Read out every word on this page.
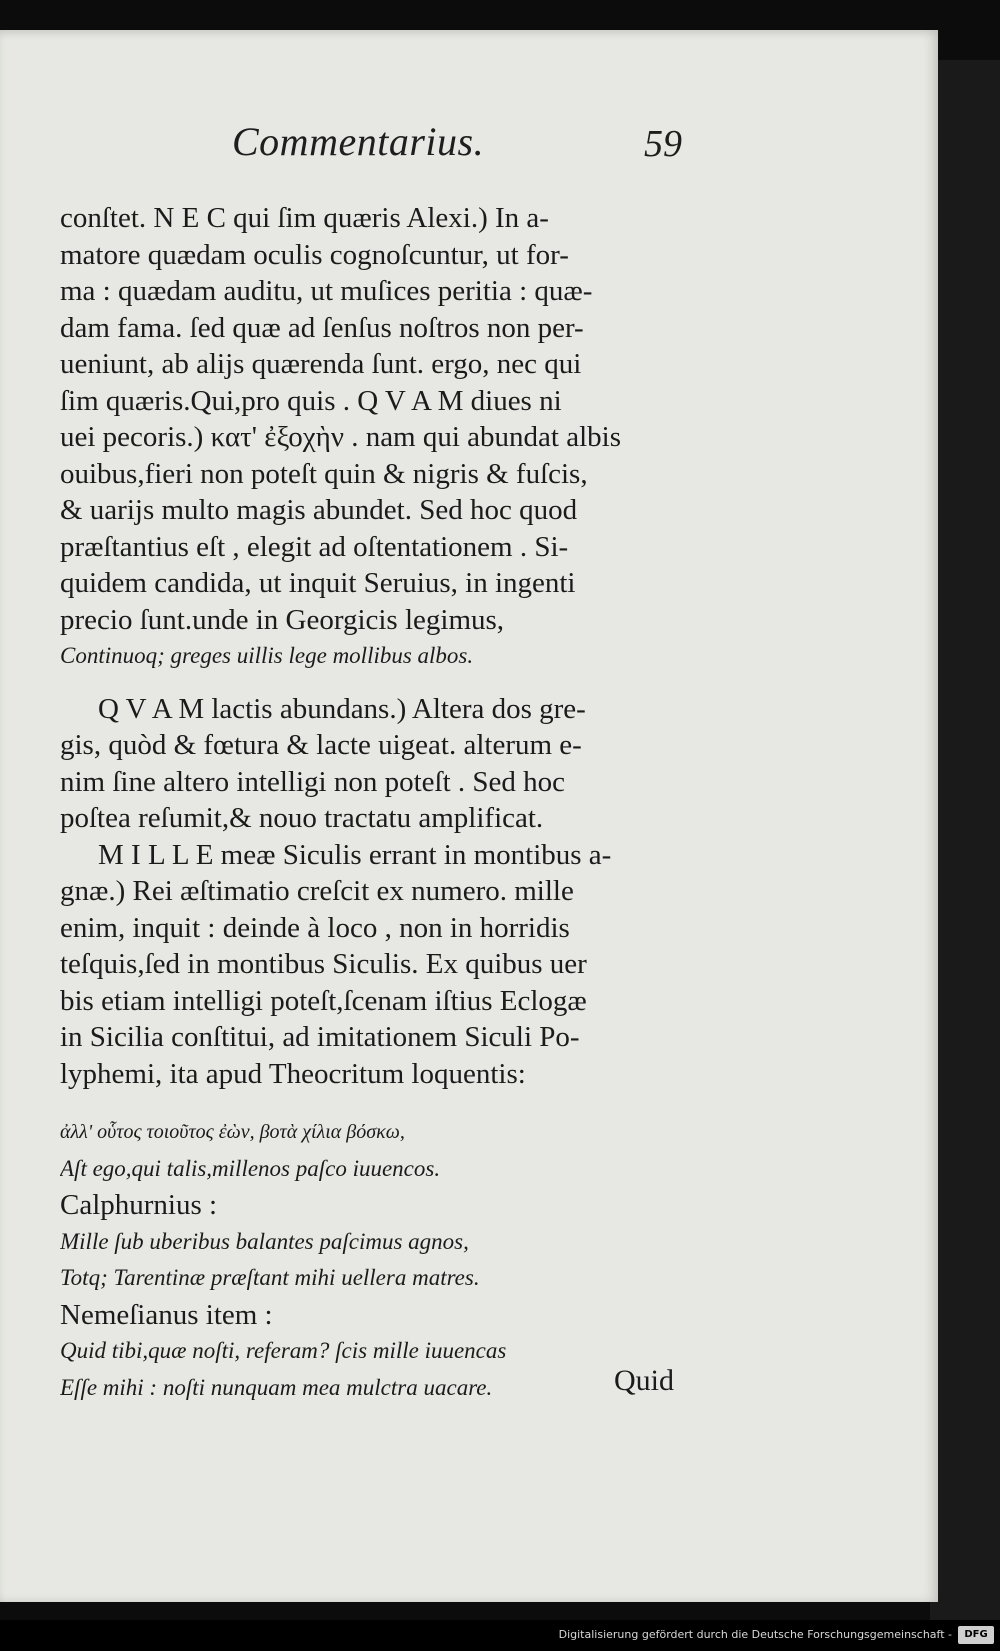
Commentarius.	59
conſtet. N E C qui ſim quæris Alexi.) In a-
matore quædam oculis cognoſcuntur, ut for-
ma : quædam auditu, ut muſices peritia : quæ-
dam fama. ſed quæ ad ſenſus noſtros non per-
ueniunt, ab alijs quærenda ſunt. ergo, nec qui
ſim quæris.Qui,pro quis . Q V A M diues ni
uei pecoris.) κατ' ἐξοχὴν . nam qui abundat albis
ouibus,fieri non poteſt quin & nigris & fuſcis,
& uarijs multo magis abundet. Sed hoc quod
præſtantius eſt , elegit ad oſtentationem . Si-
quidem candida, ut inquit Seruius, in ingenti
precio ſunt.unde in Georgicis legimus,
Continuoq; greges uillis lege mollibus albos.
Q V A M lactis abundans.) Altera dos gre-
gis, quòd & fœtura & lacte uigeat. alterum e-
nim ſine altero intelligi non poteſt . Sed hoc
poſtea reſumit,& nouo tractatu amplificat.
M I L L E meæ Siculis errant in montibus a-
gnæ.) Rei æſtimatio creſcit ex numero. mille
enim, inquit : deinde à loco , non in horridis
teſquis,ſed in montibus Siculis. Ex quibus uer
bis etiam intelligi poteſt,ſcenam iſtius Eclogæ
in Sicilia conſtitui, ad imitationem Siculi Po-
lyphemi, ita apud Theocritum loquentis:
ἀλλ' οὗτος τοιοῦτος ἐὼν, βοτὰ χίλια βόσκω,
Aſt ego,qui talis,millenos paſco iuuencos.
Calphurnius :
Mille ſub uberibus balantes paſcimus agnos,
Totq; Tarentinæ præſtant mihi uellera matres.
Nemeſianus item :
Quid tibi,quæ noſti, referam? ſcis mille iuuencas
Eſſe mihi : noſti nunquam mea mulctra uacare.	Quid
Digitalisierung gefördert durch die Deutsche Forschungsgemeinschaft -	DFG
